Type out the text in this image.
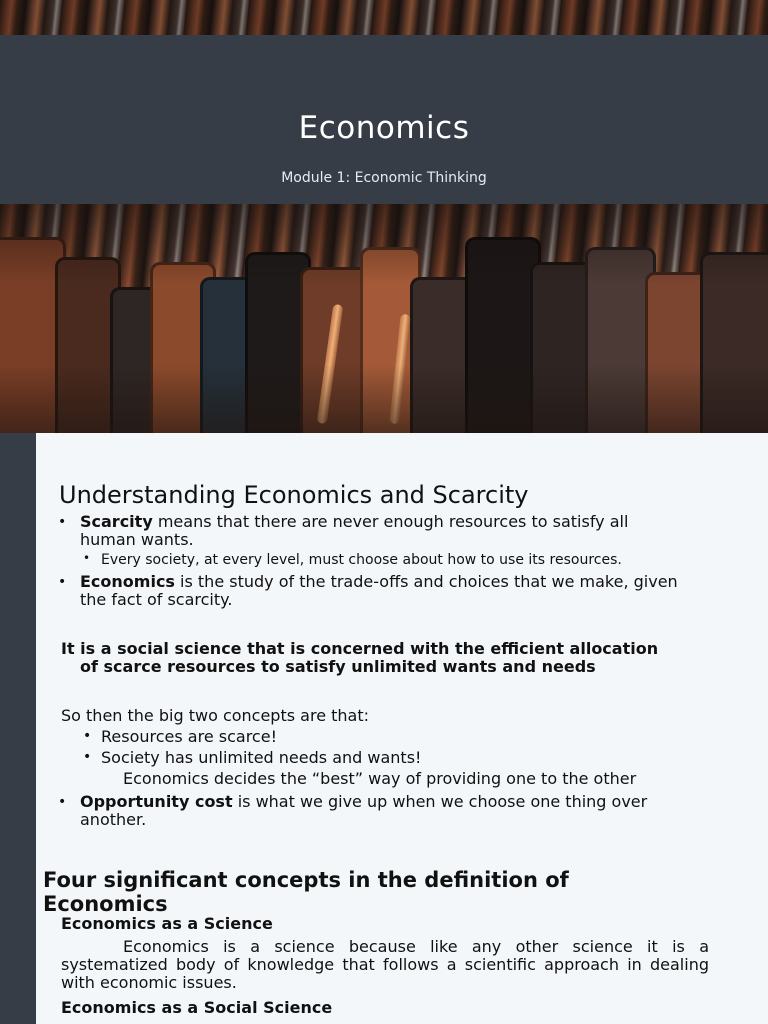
Economics
Module 1: Economic Thinking
Understanding Economics and Scarcity
• Scarcity means that there are never enough resources to satisfy all
human wants.
• Every society, at every level, must choose about how to use its resources.
• Economics is the study of the trade-offs and choices that we make, given
the fact of scarcity.
It is a social science that is concerned with the efficient allocation
of scarce resources to satisfy unlimited wants and needs
So then the big two concepts are that:
• Resources are scarce!
• Society has unlimited needs and wants!
Economics decides the “best” way of providing one to the other
• Opportunity cost is what we give up when we choose one thing over
another.
Four significant concepts in the definition of Economics
Economics as a Science
Economics is a science because like any other science it is a systematized body of knowledge that follows a scientific approach in dealing with economic issues.
Economics as a Social Science
